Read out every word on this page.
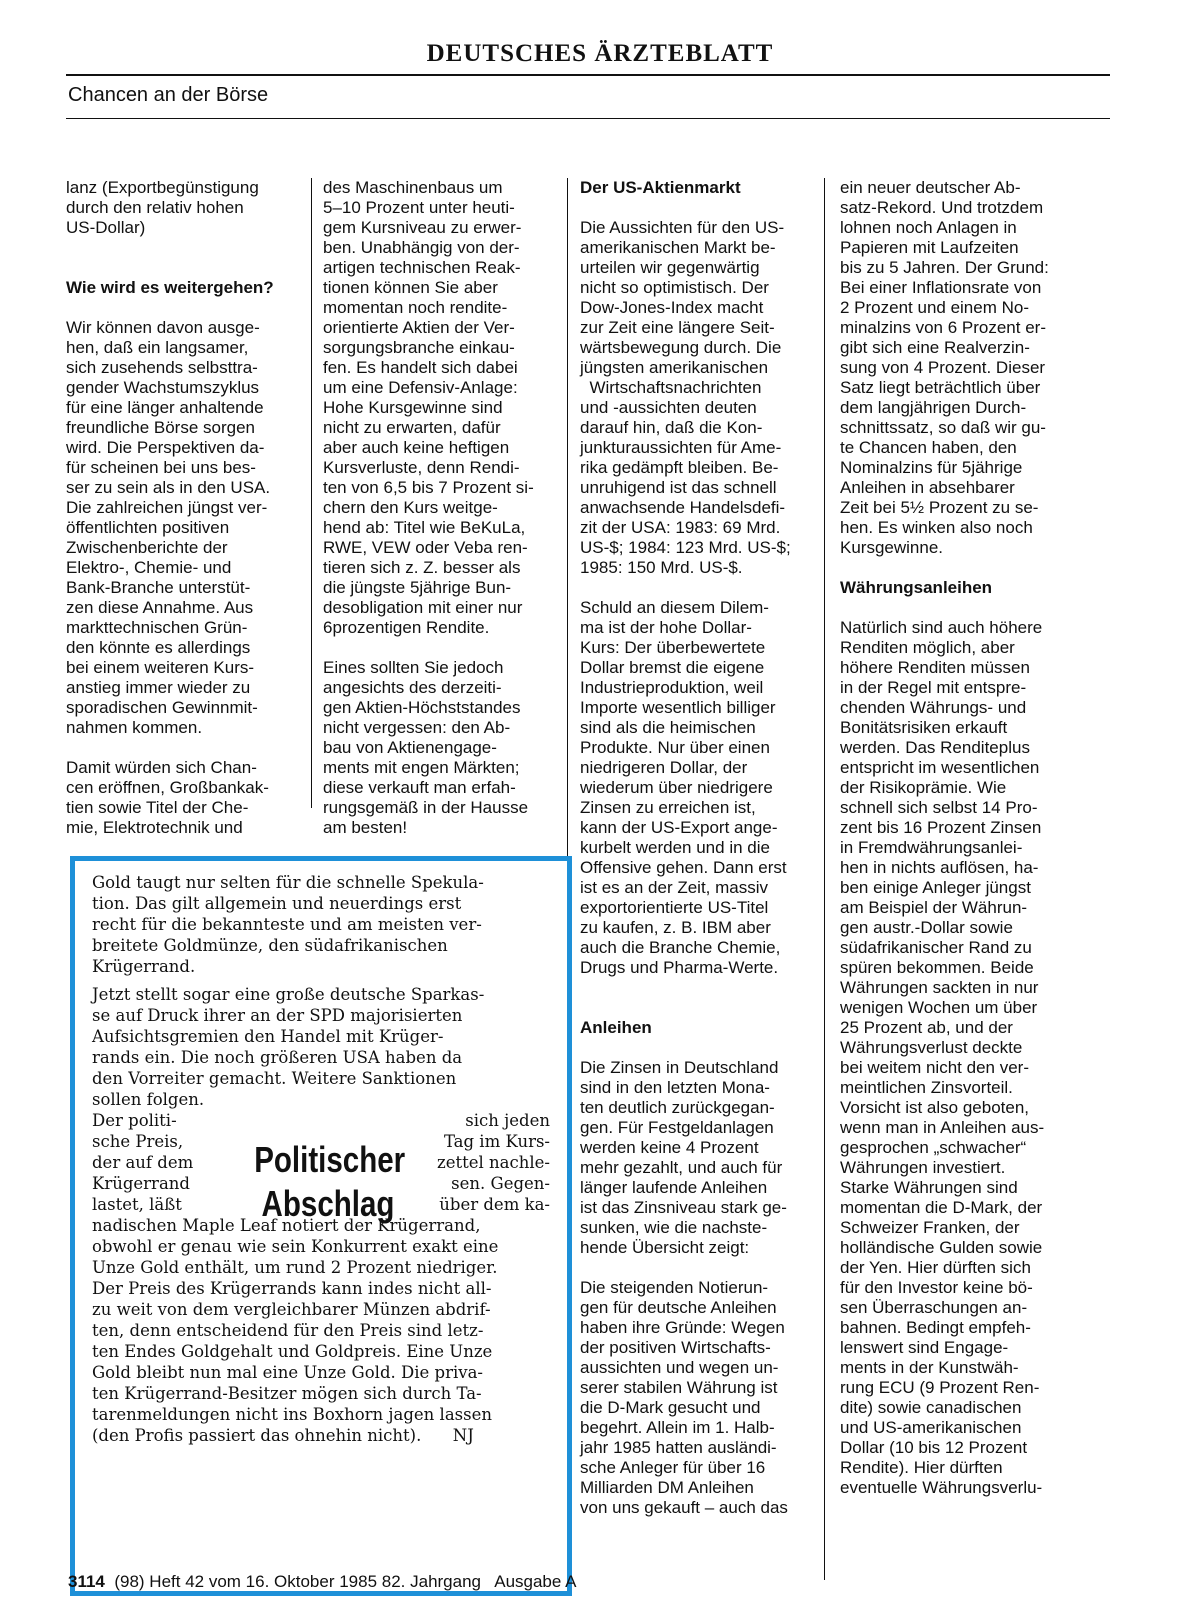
DEUTSCHES ÄRZTEBLATT
Chancen an der Börse

lanz (Exportbegünstigung

durch den relativ hohen

US-Dollar)

Wie wird es weitergehen?

Wir können davon ausge-

hen, daß ein langsamer,

sich zusehends selbsttra-

gender Wachstumszyklus

für eine länger anhaltende

freundliche Börse sorgen

wird. Die Perspektiven da-

für scheinen bei uns bes-

ser zu sein als in den USA.

Die zahlreichen jüngst ver-

öffentlichten positiven

Zwischenberichte der

Elektro-, Chemie- und

Bank-Branche unterstüt-

zen diese Annahme. Aus

markttechnischen Grün-

den könnte es allerdings

bei einem weiteren Kurs-

anstieg immer wieder zu

sporadischen Gewinnmit-

nahmen kommen.

Damit würden sich Chan-

cen eröffnen, Großbankak-

tien sowie Titel der Che-

mie, Elektrotechnik und

des Maschinenbaus um

5–10 Prozent unter heuti-

gem Kursniveau zu erwer-

ben. Unabhängig von der-

artigen technischen Reak-

tionen können Sie aber

momentan noch rendite-

orientierte Aktien der Ver-

sorgungsbranche einkau-

fen. Es handelt sich dabei

um eine Defensiv-Anlage:

Hohe Kursgewinne sind

nicht zu erwarten, dafür

aber auch keine heftigen

Kursverluste, denn Rendi-

ten von 6,5 bis 7 Prozent si-

chern den Kurs weitge-

hend ab: Titel wie BeKuLa,

RWE, VEW oder Veba ren-

tieren sich z. Z. besser als

die jüngste 5jährige Bun-

desobligation mit einer nur

6prozentigen Rendite.

Eines sollten Sie jedoch

angesichts des derzeiti-

gen Aktien-Höchststandes

nicht vergessen: den Ab-

bau von Aktienengage-

ments mit engen Märkten;

diese verkauft man erfah-

rungsgemäß in der Hausse

am besten!

Der US-Aktienmarkt

Die Aussichten für den US-

amerikanischen Markt be-

urteilen wir gegenwärtig

nicht so optimistisch. Der

Dow-Jones-Index macht

zur Zeit eine längere Seit-

wärtsbewegung durch. Die

jüngsten amerikanischen

Wirtschaftsnachrichten

und -aussichten deuten

darauf hin, daß die Kon-

junkturaussichten für Ame-

rika gedämpft bleiben. Be-

unruhigend ist das schnell

anwachsende Handelsdefi-

zit der USA: 1983: 69 Mrd.

US-$; 1984: 123 Mrd. US-$;

1985: 150 Mrd. US-$.

Schuld an diesem Dilem-

ma ist der hohe Dollar-

Kurs: Der überbewertete

Dollar bremst die eigene

Industrieproduktion, weil

Importe wesentlich billiger

sind als die heimischen

Produkte. Nur über einen

niedrigeren Dollar, der

wiederum über niedrigere

Zinsen zu erreichen ist,

kann der US-Export ange-

kurbelt werden und in die

Offensive gehen. Dann erst

ist es an der Zeit, massiv

exportorientierte US-Titel

zu kaufen, z. B. IBM aber

auch die Branche Chemie,

Drugs und Pharma-Werte.

Anleihen

Die Zinsen in Deutschland

sind in den letzten Mona-

ten deutlich zurückgegan-

gen. Für Festgeldanlagen

werden keine 4 Prozent

mehr gezahlt, und auch für

länger laufende Anleihen

ist das Zinsniveau stark ge-

sunken, wie die nachste-

hende Übersicht zeigt:

Die steigenden Notierun-

gen für deutsche Anleihen

haben ihre Gründe: Wegen

der positiven Wirtschafts-

aussichten und wegen un-

serer stabilen Währung ist

die D-Mark gesucht und

begehrt. Allein im 1. Halb-

jahr 1985 hatten ausländi-

sche Anleger für über 16

Milliarden DM Anleihen

von uns gekauft – auch das

ein neuer deutscher Ab-

satz-Rekord. Und trotzdem

lohnen noch Anlagen in

Papieren mit Laufzeiten

bis zu 5 Jahren. Der Grund:

Bei einer Inflationsrate von

2 Prozent und einem No-

minalzins von 6 Prozent er-

gibt sich eine Realverzin-

sung von 4 Prozent. Dieser

Satz liegt beträchtlich über

dem langjährigen Durch-

schnittssatz, so daß wir gu-

te Chancen haben, den

Nominalzins für 5jährige

Anleihen in absehbarer

Zeit bei 5½ Prozent zu se-

hen. Es winken also noch

Kursgewinne.

Währungsanleihen

Natürlich sind auch höhere

Renditen möglich, aber

höhere Renditen müssen

in der Regel mit entspre-

chenden Währungs- und

Bonitätsrisiken erkauft

werden. Das Renditeplus

entspricht im wesentlichen

der Risikoprämie. Wie

schnell sich selbst 14 Pro-

zent bis 16 Prozent Zinsen

in Fremdwährungsanlei-

hen in nichts auflösen, ha-

ben einige Anleger jüngst

am Beispiel der Währun-

gen austr.-Dollar sowie

südafrikanischer Rand zu

spüren bekommen. Beide

Währungen sackten in nur

wenigen Wochen um über

25 Prozent ab, und der

Währungsverlust deckte

bei weitem nicht den ver-

meintlichen Zinsvorteil.

Vorsicht ist also geboten,

wenn man in Anleihen aus-

gesprochen „schwacher“

Währungen investiert.

Starke Währungen sind

momentan die D-Mark, der

Schweizer Franken, der

holländische Gulden sowie

der Yen. Hier dürften sich

für den Investor keine bö-

sen Überraschungen an-

bahnen. Bedingt empfeh-

lenswert sind Engage-

ments in der Kunstwäh-

rung ECU (9 Prozent Ren-

dite) sowie canadischen

und US-amerikanischen

Dollar (10 bis 12 Prozent

Rendite). Hier dürften

eventuelle Währungsverlu-

Gold taugt nur selten für die schnelle Spekula-

tion. Das gilt allgemein und neuerdings erst

recht für die bekannteste und am meisten ver-

breitete Goldmünze, den südafrikanischen

Krügerrand.

Jetzt stellt sogar eine große deutsche Sparkas-

se auf Druck ihrer an der SPD majorisierten

Aufsichtsgremien den Handel mit Krüger-

rands ein. Die noch größeren USA haben da

den Vorreiter gemacht. Weitere Sanktionen

sollen folgen.

Der politi-

sche Preis,

der auf dem

Krügerrand

lastet, läßt

sich jeden

Tag im Kurs-

zettel nachle-

sen. Gegen-

über dem ka-

Politischer
Abschlag

nadischen Maple Leaf notiert der Krügerrand,

obwohl er genau wie sein Konkurrent exakt eine

Unze Gold enthält, um rund 2 Prozent niedriger.

Der Preis des Krügerrands kann indes nicht all-

zu weit von dem vergleichbarer Münzen abdrif-

ten, denn entscheidend für den Preis sind letz-

ten Endes Goldgehalt und Goldpreis. Eine Unze

Gold bleibt nun mal eine Unze Gold. Die priva-

ten Krügerrand-Besitzer mögen sich durch Ta-

tarenmeldungen nicht ins Boxhorn jagen lassen

(den Profis passiert das ohnehin nicht).      NJ

3114  (98) Heft 42 vom 16. Oktober 1985 82. Jahrgang   Ausgabe A
